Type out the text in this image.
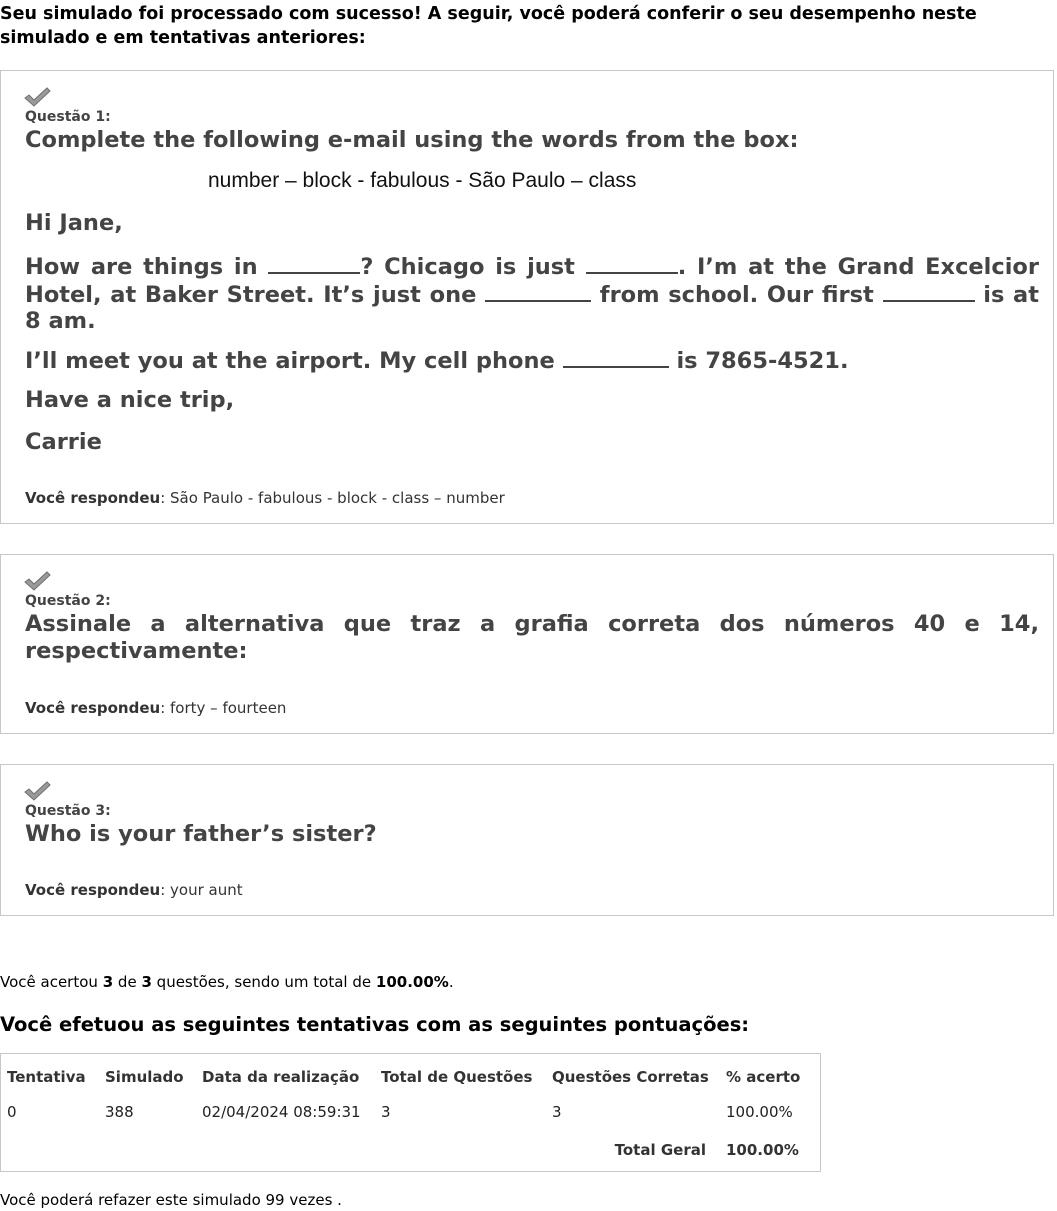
Seu simulado foi processado com sucesso! A seguir, você poderá conferir o seu desempenho neste simulado e em tentativas anteriores:

Questão 1:

Complete the following e-mail using the words from the box:

number – block - fabulous - São Paulo – class
Hi Jane,

How are things in	? Chicago is just	. I’m at the Grand Excelcior Hotel, at Baker Street. It’s just one	from school. Our first	is at 8 am.

I’ll meet you at the airport. My cell phone	is 7865-4521.
Have a nice trip,
Carrie
Você respondeu: São Paulo - fabulous - block - class – number
Questão 2:

Assinale a alternativa que traz a grafia correta dos números 40 e 14, respectivamente:

Você respondeu: forty – fourteen
Questão 3:

Who is your father’s sister?

Você respondeu: your aunt
Você acertou 3 de 3 questões, sendo um total de 100.00%.

Você efetuou as seguintes tentativas com as seguintes pontuações:

Tentativa	Simulado	Data da realização	Total de Questões	Questões Corretas	% acerto
0	388	02/04/2024 08:59:31	3	3	100.00%
Total Geral					100.00%
Você poderá refazer este simulado 99 vezes .
